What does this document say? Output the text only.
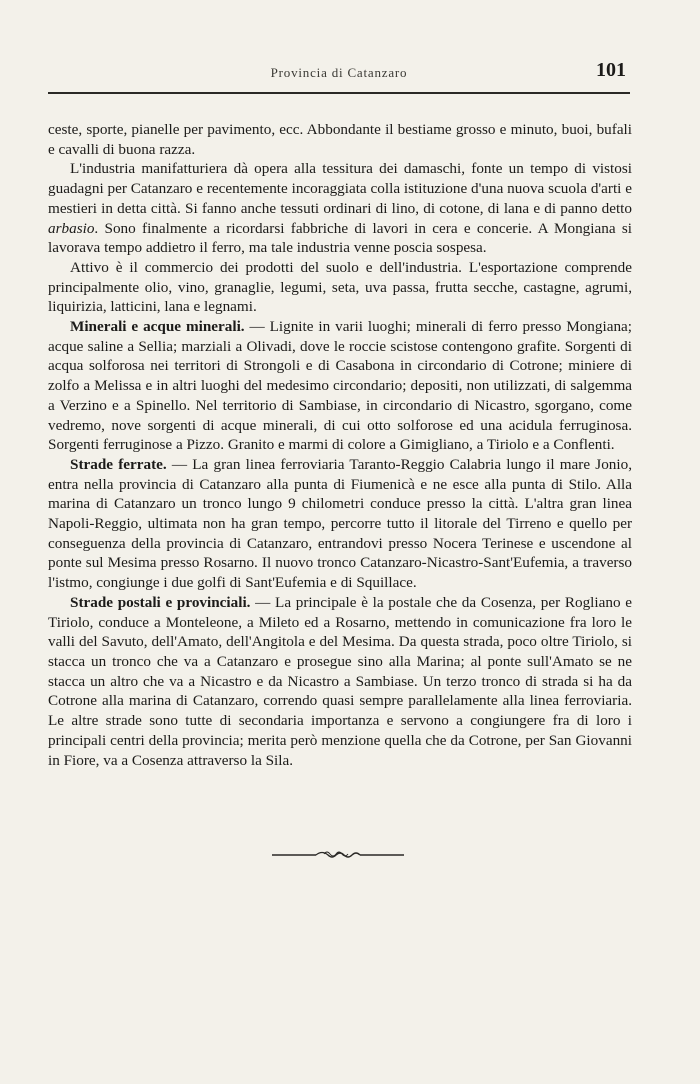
Provincia di Catanzaro	101

ceste, sporte, pianelle per pavimento, ecc. Abbondante il bestiame grosso e minuto, buoi, bufali e cavalli di buona razza.

L'industria manifatturiera dà opera alla tessitura dei damaschi, fonte un tempo di vistosi guadagni per Catanzaro e recentemente incoraggiata colla istituzione d'una nuova scuola d'arti e mestieri in detta città. Si fanno anche tessuti ordinari di lino, di cotone, di lana e di panno detto arbasio. Sono finalmente a ricordarsi fabbriche di lavori in cera e concerie. A Mongiana si lavorava tempo addietro il ferro, ma tale industria venne poscia sospesa.

Attivo è il commercio dei prodotti del suolo e dell'industria. L'esportazione comprende principalmente olio, vino, granaglie, legumi, seta, uva passa, frutta secche, castagne, agrumi, liquirizia, latticini, lana e legnami.

Minerali e acque minerali. — Lignite in varii luoghi; minerali di ferro presso Mongiana; acque saline a Sellia; marziali a Olivadi, dove le roccie scistose contengono grafite. Sorgenti di acqua solforosa nei territori di Strongoli e di Casabona in circondario di Cotrone; miniere di zolfo a Melissa e in altri luoghi del medesimo circondario; depositi, non utilizzati, di salgemma a Verzino e a Spinello. Nel territorio di Sambiase, in circondario di Nicastro, sgorgano, come vedremo, nove sorgenti di acque minerali, di cui otto solforose ed una acidula ferruginosa. Sorgenti ferruginose a Pizzo. Granito e marmi di colore a Gimigliano, a Tiriolo e a Conflenti.

Strade ferrate. — La gran linea ferroviaria Taranto-Reggio Calabria lungo il mare Jonio, entra nella provincia di Catanzaro alla punta di Fiumenicà e ne esce alla punta di Stilo. Alla marina di Catanzaro un tronco lungo 9 chilometri conduce presso la città. L'altra gran linea Napoli-Reggio, ultimata non ha gran tempo, percorre tutto il litorale del Tirreno e quello per conseguenza della provincia di Catanzaro, entrandovi presso Nocera Terinese e uscendone al ponte sul Mesima presso Rosarno. Il nuovo tronco Catanzaro-Nicastro-Sant'Eufemia, a traverso l'istmo, congiunge i due golfi di Sant'Eufemia e di Squillace.

Strade postali e provinciali. — La principale è la postale che da Cosenza, per Rogliano e Tiriolo, conduce a Monteleone, a Mileto ed a Rosarno, mettendo in comunicazione fra loro le valli del Savuto, dell'Amato, dell'Angitola e del Mesima. Da questa strada, poco oltre Tiriolo, si stacca un tronco che va a Catanzaro e prosegue sino alla Marina; al ponte sull'Amato se ne stacca un altro che va a Nicastro e da Nicastro a Sambiase. Un terzo tronco di strada si ha da Cotrone alla marina di Catanzaro, correndo quasi sempre parallelamente alla linea ferroviaria. Le altre strade sono tutte di secondaria importanza e servono a congiungere fra di loro i principali centri della provincia; merita però menzione quella che da Cotrone, per San Giovanni in Fiore, va a Cosenza attraverso la Sila.
